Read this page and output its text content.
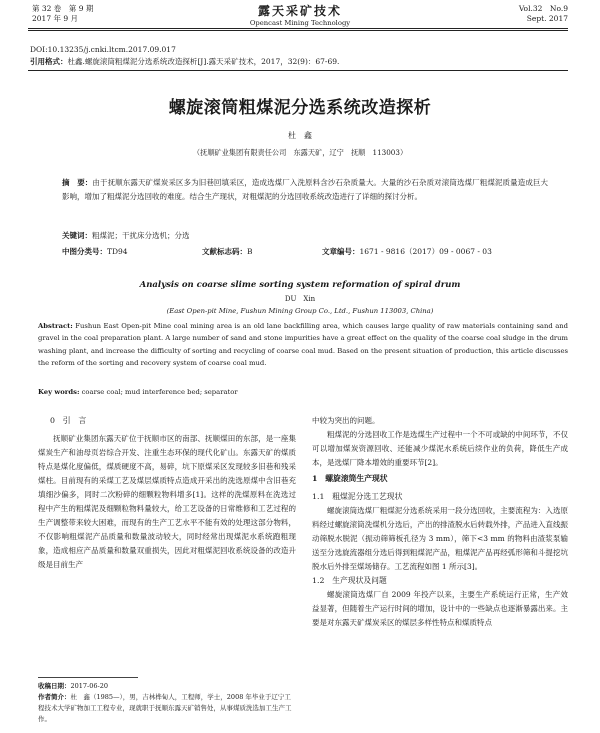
第 32 卷　第 9 期
2017 年 9 月
露天采矿技术
Opencast Mining Technology
Vol.32　No.9
Sept. 2017
DOI:10.13235/j.cnki.ltcm.2017.09.017
引用格式：杜鑫.螺旋滚筒粗煤泥分选系统改造探析[J].露天采矿技术，2017，32(9)：67-69.
螺旋滚筒粗煤泥分选系统改造探析
杜　鑫
（抚顺矿业集团有限责任公司　东露天矿，辽宁　抚顺　113003）
摘　要：由于抚顺东露天矿煤炭采区多为旧巷回填采区，造成选煤厂入洗原料含沙石杂质量大。大量的沙石杂质对滚筒选煤厂粗煤泥质量造成巨大影响，增加了粗煤泥分选回收的难度。结合生产现状，对粗煤泥的分选回收系统改造进行了详细的探讨分析。
关键词：粗煤泥；干扰床分选机；分选
中图分类号：TD94	文献标志码：B	文章编号：1671 - 9816（2017）09 - 0067 - 03
Analysis on coarse slime sorting system reformation of spiral drum
DU　Xin
(East Open-pit Mine, Fushun Mining Group Co., Ltd., Fushun 113003, China)
Abstract: Fushun East Open-pit Mine coal mining area is an old lane backfilling area, which causes large quality of raw materials containing sand and gravel in the coal preparation plant. A large number of sand and stone impurities have a great effect on the quality of the coarse coal sludge in the drum washing plant, and increase the difficulty of sorting and recycling of coarse coal mud. Based on the present situation of production, this article discusses the reform of the sorting and recovery system of coarse coal mud.
Key words: coarse coal; mud interference bed; separator
0　引　言

抚顺矿业集团东露天矿位于抚顺市区的南部、抚顺煤田的东部，是一座集煤炭生产和油母页岩综合开发、注重生态环保的现代化矿山。东露天矿的煤质特点是煤化度偏低，煤质硬度不高，易碎，坑下原煤采区发现较多旧巷和残采煤柱。目前现有的采煤工艺及煤层煤质特点造成开采出的洗选原煤中含旧巷充填细沙偏多，同时二次粉碎的细颗粒物料增多[1]。这样的洗煤原料在洗选过程中产生的粗煤泥及细颗粒物料量较大，给工艺设备的日常维修和工艺过程的生产调整带来较大困难，而现有的生产工艺水平不能有效的处理这部分物料，不仅影响粗煤泥产品质量和数量波动较大，同时经常出现煤泥水系统跑粗现象，造成相应产品质量和数量双重损失，因此对粗煤泥回收系统设备的改造升级是目前生产

收稿日期：2017-06-20
作者简介：杜　鑫（1985—），男，吉林桦甸人，工程师，学士，2008 年毕业于辽宁工程技术大学矿物加工工程专业，现就职于抚顺东露天矿销售处，从事煤质洗选加工生产工作。
中较为突出的问题。

粗煤泥的分选回收工作是选煤生产过程中一个不可或缺的中间环节，不仅可以增加煤炭资源回收、还能减少煤泥水系统后续作业的负荷，降低生产成本，是选煤厂降本增效的重要环节[2]。

1　螺旋滚筒生产现状
1.1　粗煤泥分选工艺现状

螺旋滚筒选煤厂粗煤泥分选系统采用一段分选回收，主要流程为：入选原料经过螺旋滚筒洗煤机分选后，产出的排渣脱水后转载外排，产品进入直线振动筛脱水脱泥（振动筛筛板孔径为 3 mm），筛下<3 mm 的物料由渣浆泵输送至分选旋流器组分选后得到粗煤泥产品，粗煤泥产品再经弧形筛和斗提挖坑脱水后外排至煤场储存。工艺流程如图 1 所示[3]。

1.2　生产现状及问题

螺旋滚筒选煤厂自 2009 年投产以来，主要生产系统运行正常，生产效益显著，但随着生产运行时间的增加，设计中的一些缺点也逐渐暴露出来。主要是对东露天矿煤炭采区的煤层多样性特点和煤质特点
